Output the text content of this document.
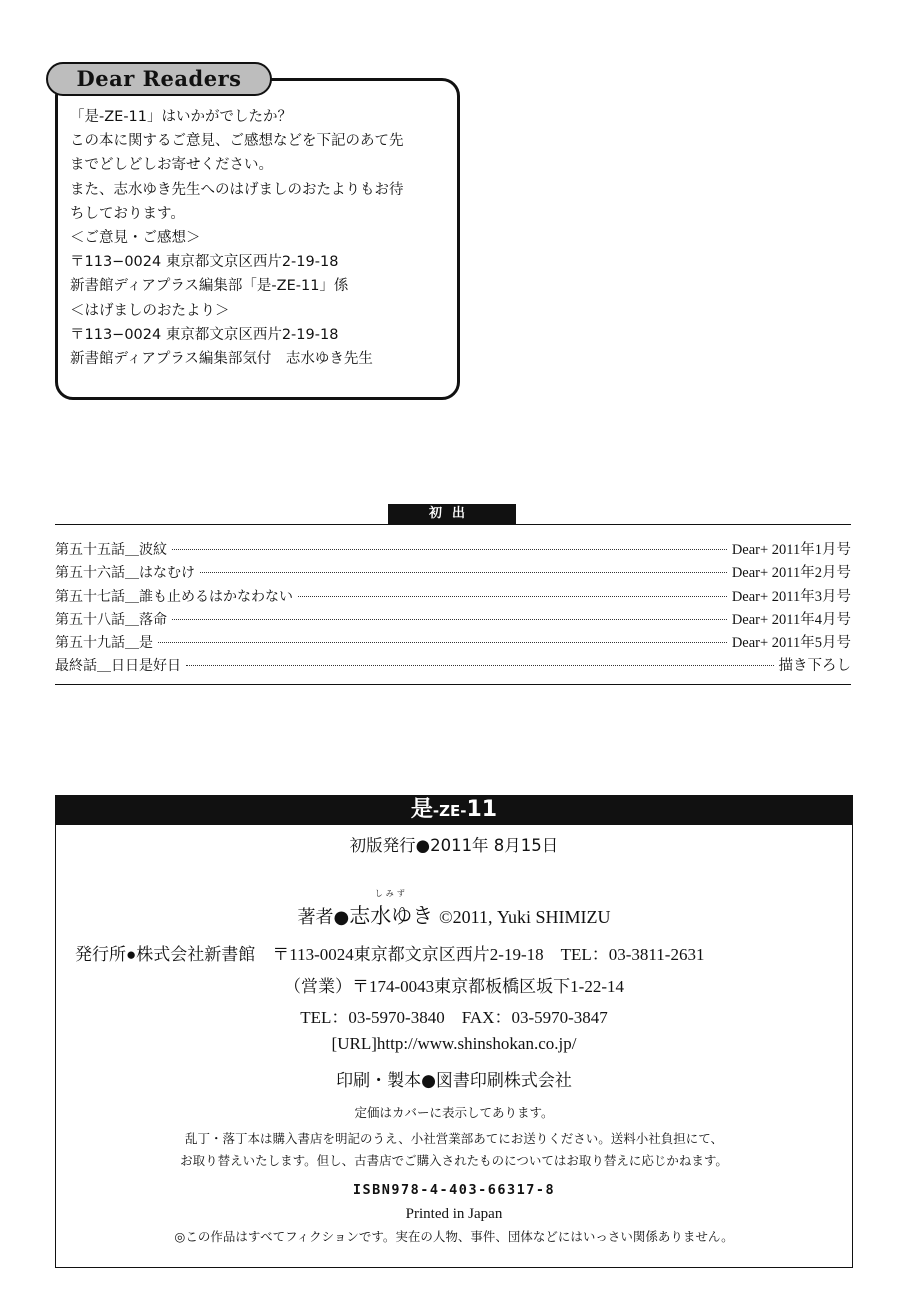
Dear Readers
「是-ZE-11」はいかがでしたか？
この本に関するご意見、ご感想などを下記のあて先
までどしどしお寄せください。
また、志水ゆき先生へのはげましのおたよりもお待
ちしております。
＜ご意見・ご感想＞
〒113−0024 東京都文京区西片2-19-18
新書館ディアプラス編集部「是-ZE-11」係
＜はげましのおたより＞
〒113−0024 東京都文京区西片2-19-18
新書館ディアプラス編集部気付　志水ゆき先生
初出
第五十五話＿波紋	Dear+ 2011年1月号
第五十六話＿はなむけ	Dear+ 2011年2月号
第五十七話＿誰も止めるはかなわない	Dear+ 2011年3月号
第五十八話＿落命	Dear+ 2011年4月号
第五十九話＿是	Dear+ 2011年5月号
最終話＿日日是好日	描き下ろし
是-ZE-11
初版発行●2011年 8月15日
著者●
しみず
志水ゆき ©2011, Yuki SHIMIZU
発行所●株式会社新書館　〒113-0024東京都文京区西片2-19-18　TEL：03-3811-2631
（営業）〒174-0043東京都板橋区坂下1-22-14
TEL：03-5970-3840　FAX：03-5970-3847
[URL]http://www.shinshokan.co.jp/
印刷・製本●図書印刷株式会社
定価はカバーに表示してあります。
乱丁・落丁本は購入書店を明記のうえ、小社営業部あてにお送りください。送料小社負担にて、
お取り替えいたします。但し、古書店でご購入されたものについてはお取り替えに応じかねます。
ISBN978-4-403-66317-8
Printed in Japan
◎この作品はすべてフィクションです。実在の人物、事件、団体などにはいっさい関係ありません。
